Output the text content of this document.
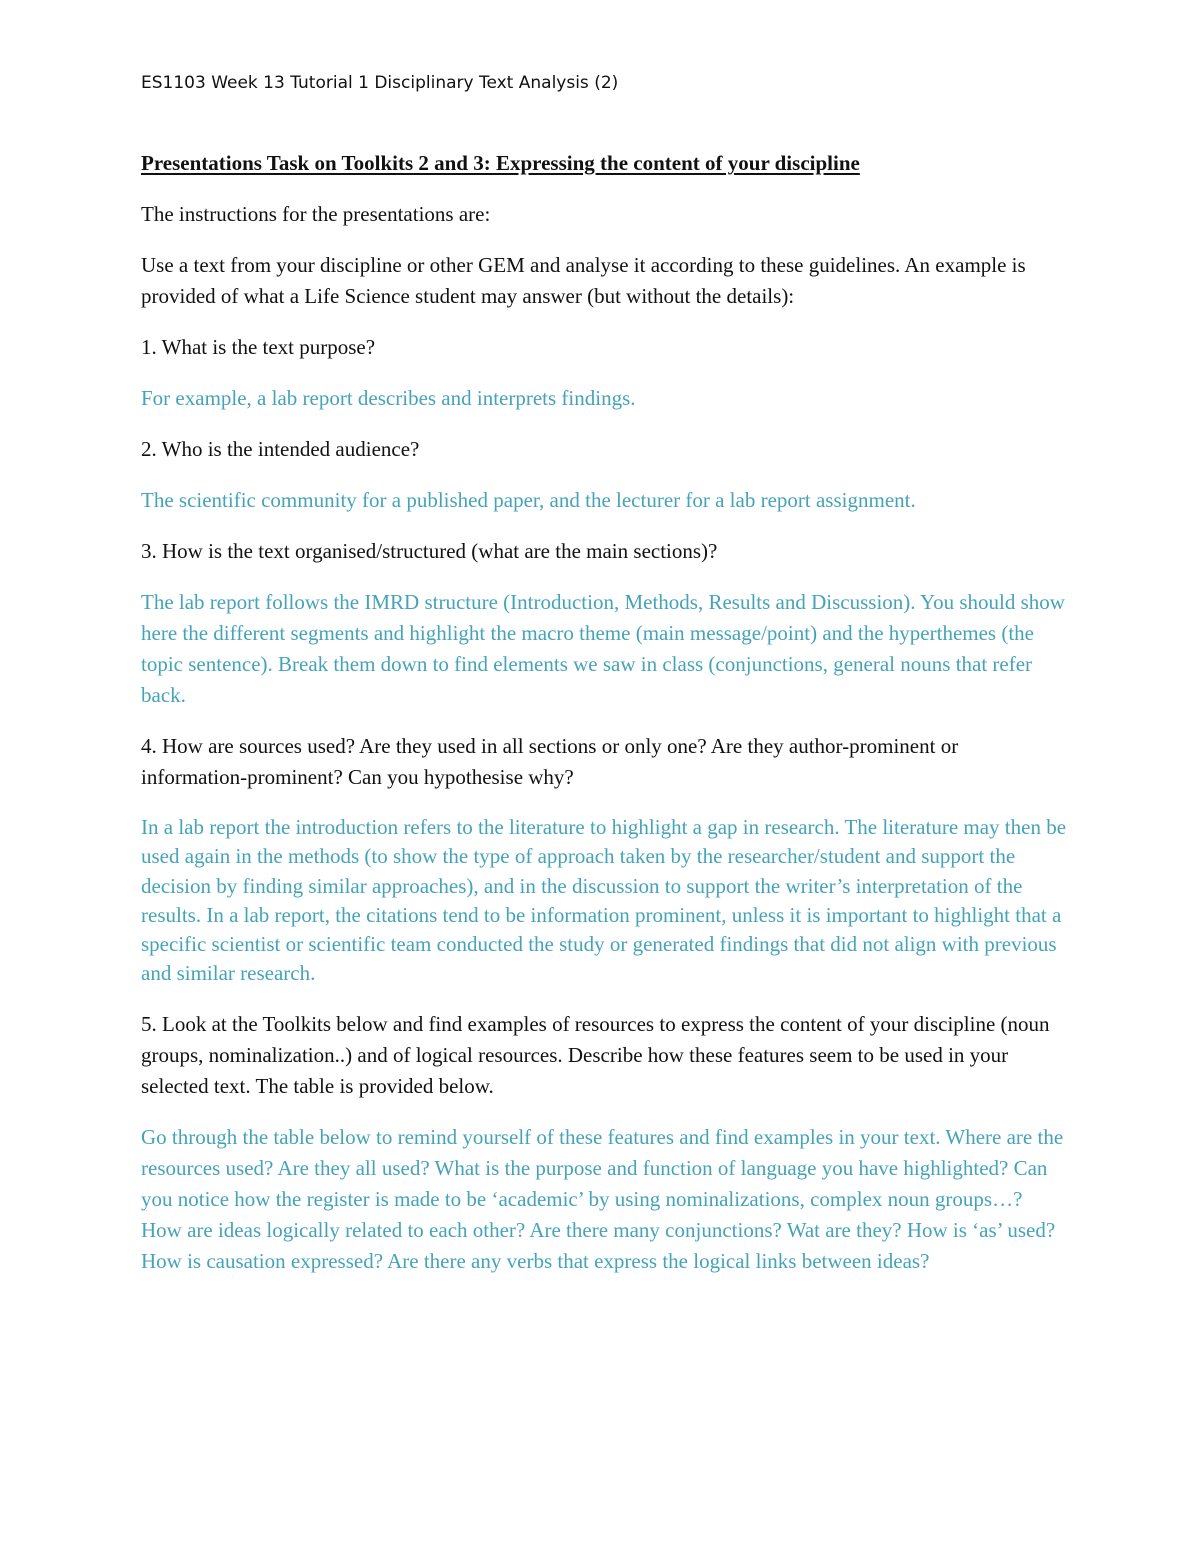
ES1103 Week 13 Tutorial 1 Disciplinary Text Analysis (2)

Presentations Task on Toolkits 2 and 3: Expressing the content of your discipline

The instructions for the presentations are:

Use a text from your discipline or other GEM and analyse it according to these guidelines. An example is provided of what a Life Science student may answer (but without the details):

1. What is the text purpose?

For example, a lab report describes and interprets findings.

2. Who is the intended audience?

The scientific community for a published paper, and the lecturer for a lab report assignment.

3. How is the text organised/structured (what are the main sections)?

The lab report follows the IMRD structure (Introduction, Methods, Results and Discussion). You should show here the different segments and highlight the macro theme (main message/point) and the hyperthemes (the topic sentence). Break them down to find elements we saw in class (conjunctions, general nouns that refer back.

4. How are sources used? Are they used in all sections or only one? Are they author-prominent or information-prominent? Can you hypothesise why?

In a lab report the introduction refers to the literature to highlight a gap in research. The literature may then be used again in the methods (to show the type of approach taken by the researcher/student and support the decision by finding similar approaches), and in the discussion to support the writer’s interpretation of the results. In a lab report, the citations tend to be information prominent, unless it is important to highlight that a specific scientist or scientific team conducted the study or generated findings that did not align with previous and similar research.

5. Look at the Toolkits below and find examples of resources to express the content of your discipline (noun groups, nominalization..) and of logical resources. Describe how these features seem to be used in your selected text. The table is provided below.

Go through the table below to remind yourself of these features and find examples in your text. Where are the resources used? Are they all used? What is the purpose and function of language you have highlighted? Can you notice how the register is made to be ‘academic’ by using nominalizations, complex noun groups…? How are ideas logically related to each other? Are there many conjunctions? Wat are they? How is ‘as’ used? How is causation expressed? Are there any verbs that express the logical links between ideas?
